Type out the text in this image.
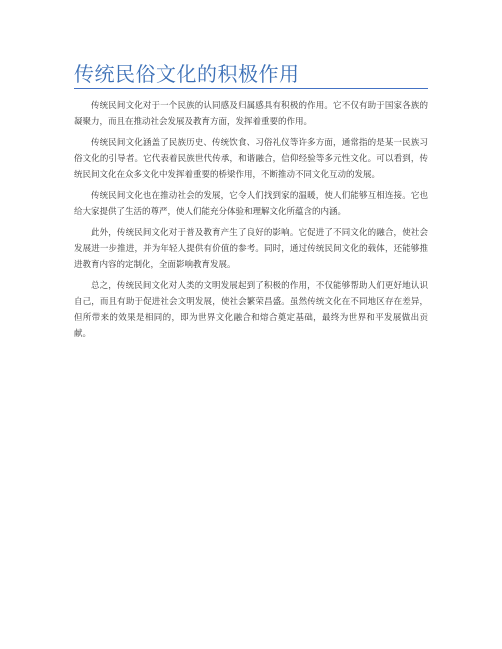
传统民俗文化的积极作用

传统民间文化对于一个民族的认同感及归属感具有积极的作用。它不仅有助于国家各族的凝聚力，而且在推动社会发展及教育方面，发挥着重要的作用。

传统民间文化涵盖了民族历史、传统饮食、习俗礼仪等许多方面，通常指的是某一民族习俗文化的引导者。它代表着民族世代传承，和谐融合，信仰经验等多元性文化。可以看到，传统民间文化在众多文化中发挥着重要的桥梁作用，不断推动不同文化互动的发展。

传统民间文化也在推动社会的发展，它令人们找到家的温暖，使人们能够互相连接。它也给大家提供了生活的尊严，使人们能充分体验和理解文化所蕴含的内涵。

此外，传统民间文化对于普及教育产生了良好的影响。它促进了不同文化的融合，使社会发展进一步推进，并为年轻人提供有价值的参考。同时，通过传统民间文化的载体，还能够推进教育内容的定制化，全面影响教育发展。

总之，传统民间文化对人类的文明发展起到了积极的作用，不仅能够帮助人们更好地认识自己，而且有助于促进社会文明发展，使社会繁荣昌盛。虽然传统文化在不同地区存在差异，但所带来的效果是相同的，即为世界文化融合和熔合奠定基础，最终为世界和平发展做出贡献。
